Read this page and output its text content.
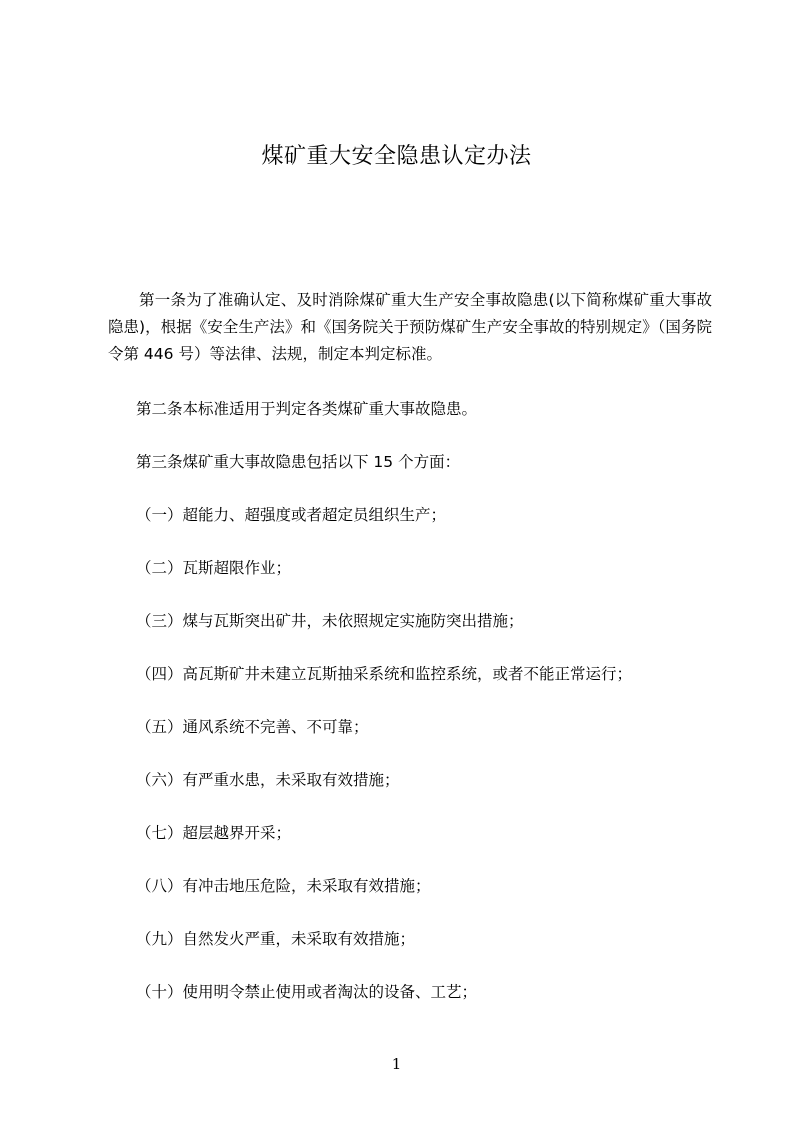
煤矿重大安全隐患认定办法
第一条为了准确认定、及时消除煤矿重大生产安全事故隐患(以下简称煤矿重大事故隐患)，根据《安全生产法》和《国务院关于预防煤矿生产安全事故的特别规定》（国务院令第 446 号）等法律、法规，制定本判定标准。
第二条本标准适用于判定各类煤矿重大事故隐患。
第三条煤矿重大事故隐患包括以下 15 个方面：
（一）超能力、超强度或者超定员组织生产；
（二）瓦斯超限作业；
（三）煤与瓦斯突出矿井，未依照规定实施防突出措施；
（四）高瓦斯矿井未建立瓦斯抽采系统和监控系统，或者不能正常运行；
（五）通风系统不完善、不可靠；
（六）有严重水患，未采取有效措施；
（七）超层越界开采；
（八）有冲击地压危险，未采取有效措施；
（九）自然发火严重，未采取有效措施；
（十）使用明令禁止使用或者淘汰的设备、工艺；
1
